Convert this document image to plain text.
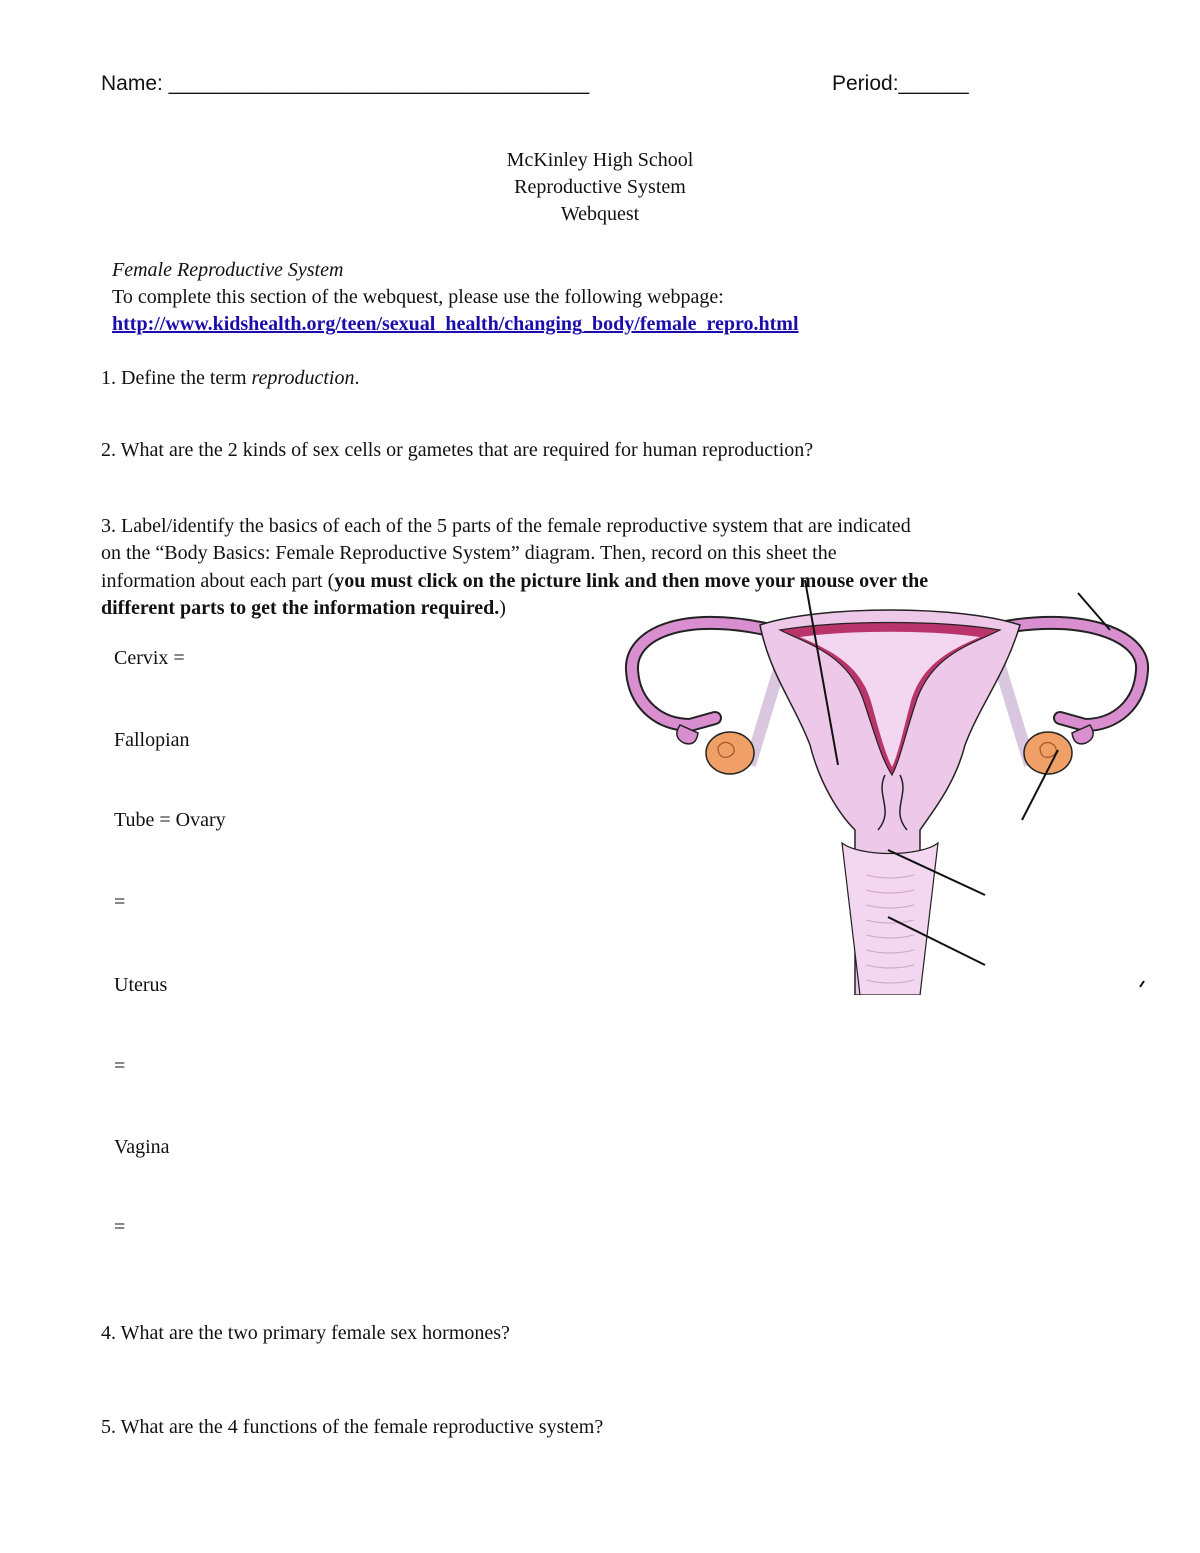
Name: ____________________________________	Period:______
McKinley High School
Reproductive System
Webquest
Female Reproductive System
To complete this section of the webquest, please use the following webpage:
http://www.kidshealth.org/teen/sexual_health/changing_body/female_repro.html
1. Define the term reproduction.
2. What are the 2 kinds of sex cells or gametes that are required for human reproduction?
3. Label/identify the basics of each of the 5 parts of the female reproductive system that are indicated
on the “Body Basics: Female Reproductive System” diagram. Then, record on this sheet the
information about each part (you must click on the picture link and then move your mouse over the
different parts to get the information required.)
Cervix =
Fallopian
Tube = Ovary
=
Uterus
=
Vagina
=
4. What are the two primary female sex hormones?
5. What are the 4 functions of the female reproductive system?
